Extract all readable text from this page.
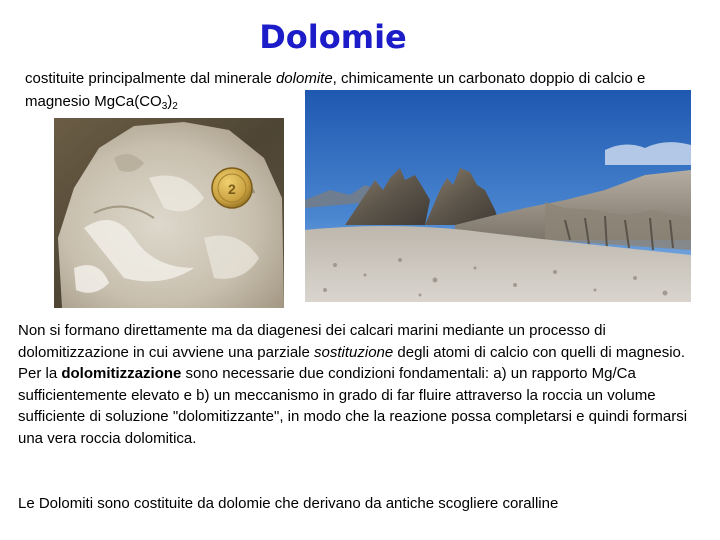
Dolomie
costituite principalmente dal minerale dolomite, chimicamente un carbonato doppio di calcio e magnesio $MgCa(CO_3)_2$
2

Non si formano direttamente ma da diagenesi dei calcari marini mediante un processo di dolomitizzazione in cui avviene una parziale sostituzione degli atomi di calcio con quelli di magnesio.

Per la dolomitizzazione sono necessarie due condizioni fondamentali: a) un rapporto Mg/Ca sufficientemente elevato e b) un meccanismo in grado di far fluire attraverso la roccia un volume sufficiente di soluzione "dolomitizzante", in modo che la reazione possa completarsi e quindi formarsi una vera roccia dolomitica.

Le Dolomiti sono costituite da dolomie che derivano da antiche scogliere coralline
